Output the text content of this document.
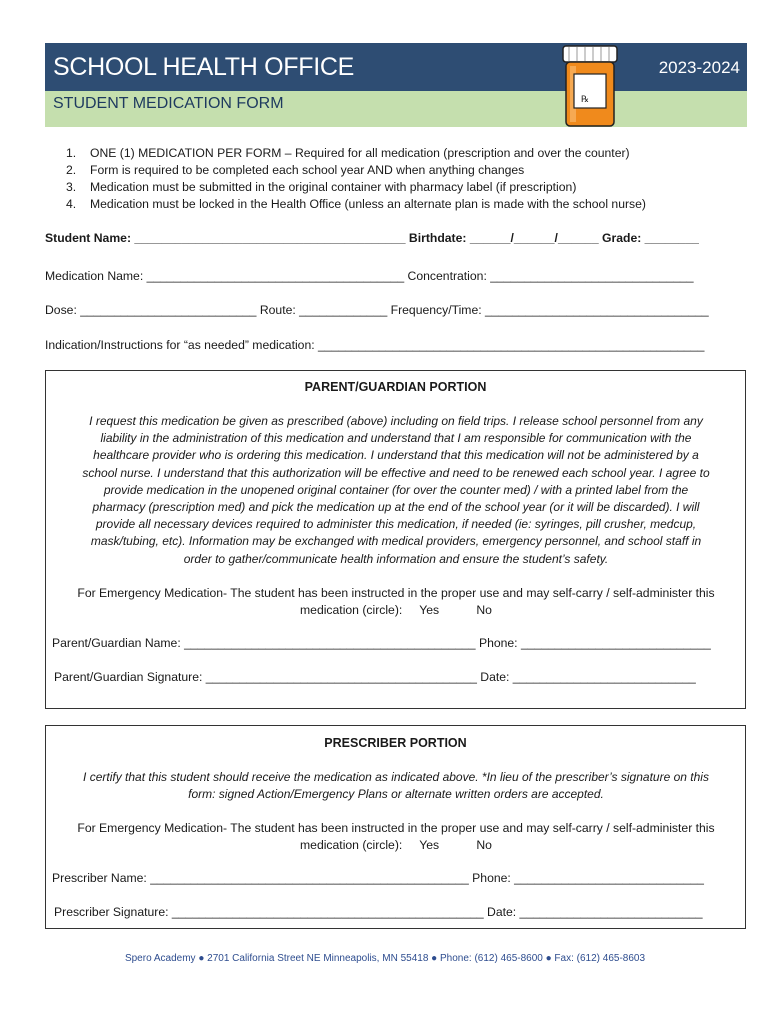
SCHOOL HEALTH OFFICE	2023-2024
STUDENT MEDICATION FORM	℞
1. ONE (1) MEDICATION PER FORM – Required for all medication (prescription and over the counter)
2. Form is required to be completed each school year AND when anything changes
3. Medication must be submitted in the original container with pharmacy label (if prescription)
4. Medication must be locked in the Health Office (unless an alternate plan is made with the school nurse)
Student Name: ________________________________________ Birthdate: ______/______/______ Grade: ________
Medication Name: ______________________________________ Concentration: ______________________________
Dose: __________________________ Route: _____________ Frequency/Time: _________________________________
Indication/Instructions for “as needed” medication: _________________________________________________________
PARENT/GUARDIAN PORTION
I request this medication be given as prescribed (above) including on field trips. I release school personnel from any
liability in the administration of this medication and understand that I am responsible for communication with the
healthcare provider who is ordering this medication. I understand that this medication will not be administered by a
school nurse. I understand that this authorization will be effective and need to be renewed each school year. I agree to
provide medication in the unopened original container (for over the counter med) / with a printed label from the
pharmacy (prescription med) and pick the medication up at the end of the school year (or it will be discarded). I will
provide all necessary devices required to administer this medication, if needed (ie: syringes, pill crusher, medcup,
mask/tubing, etc). Information may be exchanged with medical providers, emergency personnel, and school staff in
order to gather/communicate health information and ensure the student’s safety.
For Emergency Medication- The student has been instructed in the proper use and may self-carry / self-administer this
medication (circle): Yes	No
Parent/Guardian Name: ___________________________________________ Phone: ____________________________
Parent/Guardian Signature: ________________________________________ Date: ___________________________
PRESCRIBER PORTION
I certify that this student should receive the medication as indicated above. *In lieu of the prescriber’s signature on this
form: signed Action/Emergency Plans or alternate written orders are accepted.
For Emergency Medication- The student has been instructed in the proper use and may self-carry / self-administer this
medication (circle): Yes	No
Prescriber Name: _______________________________________________ Phone: ____________________________
Prescriber Signature: ______________________________________________ Date: ___________________________
Spero Academy ● 2701 California Street NE Minneapolis, MN 55418 ● Phone: (612) 465-8600 ● Fax: (612) 465-8603
